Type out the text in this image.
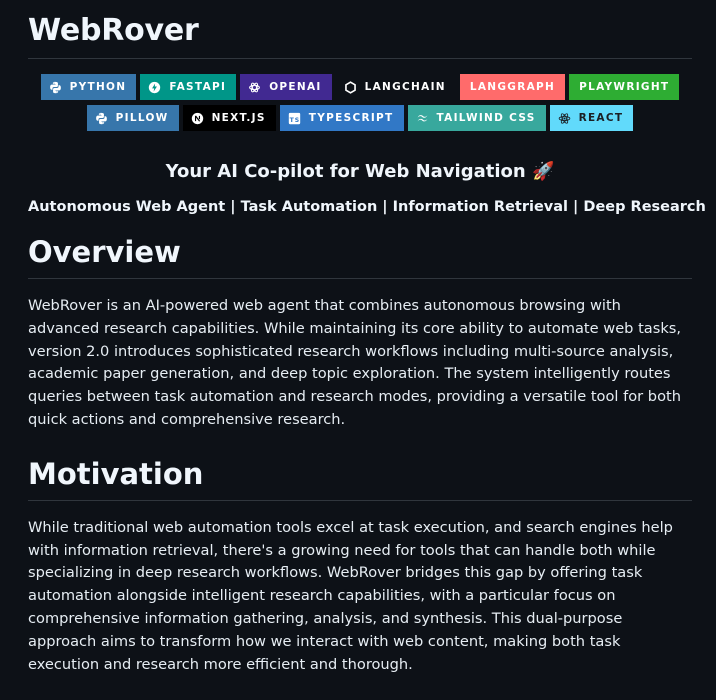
WebRover
PYTHON	FASTAPI	OPENAI	LANGCHAIN LANGGRAPH PLAYWRIGHT
PILLOW	NEXT.JS	TS TYPESCRIPT	TAILWIND CSS	REACT
Your AI Co-pilot for Web Navigation 🚀

Autonomous Web Agent | Task Automation | Information Retrieval | Deep Research

Overview

WebRover is an AI-powered web agent that combines autonomous browsing with advanced research capabilities. While maintaining its core ability to automate web tasks, version 2.0 introduces sophisticated research workflows including multi-source analysis, academic paper generation, and deep topic exploration. The system intelligently routes queries between task automation and research modes, providing a versatile tool for both quick actions and comprehensive research.

Motivation

While traditional web automation tools excel at task execution, and search engines help with information retrieval, there's a growing need for tools that can handle both while specializing in deep research workflows. WebRover bridges this gap by offering task automation alongside intelligent research capabilities, with a particular focus on comprehensive information gathering, analysis, and synthesis. This dual-purpose approach aims to transform how we interact with web content, making both task execution and research more efficient and thorough.
